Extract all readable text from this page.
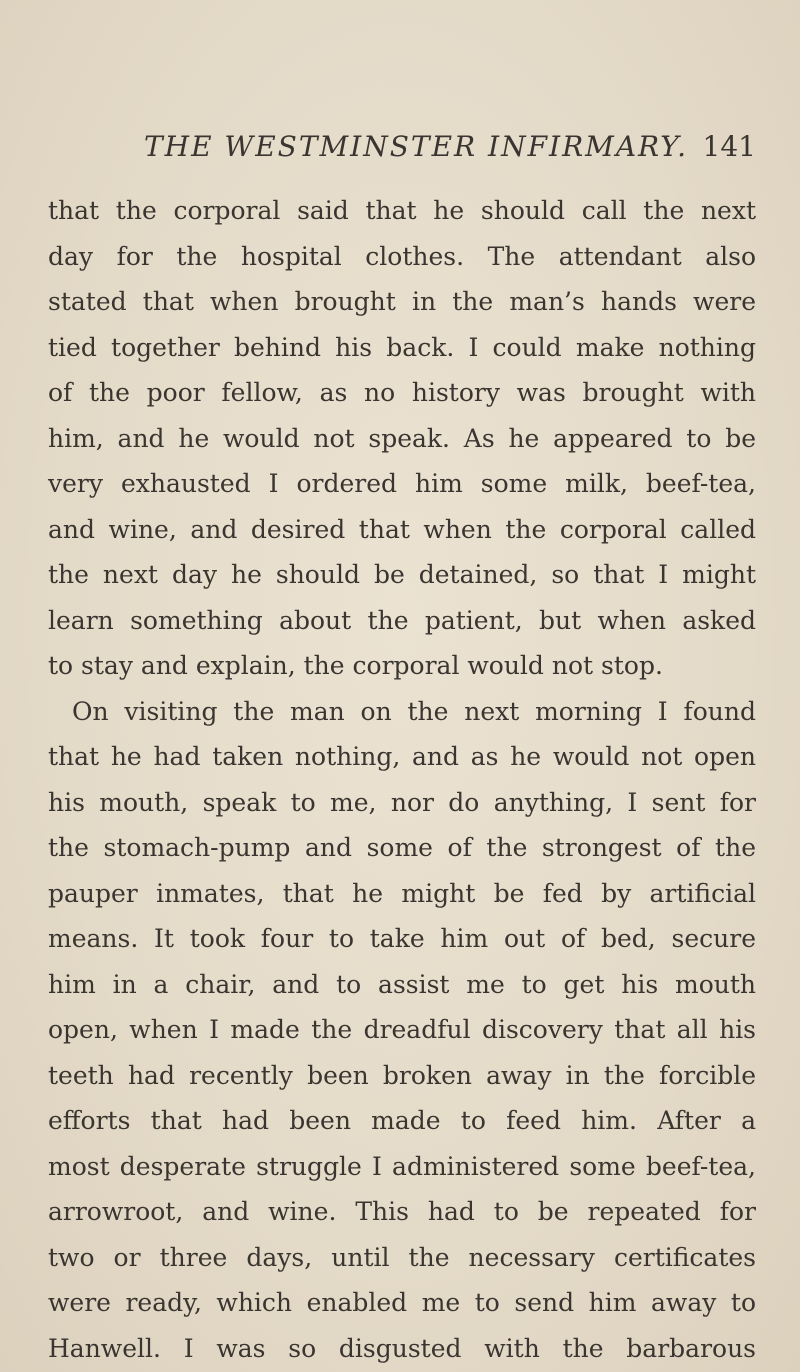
THE WESTMINSTER INFIRMARY. 141
that the corporal said that he should call the next
day for the hospital clothes. The attendant also
stated that when brought in the man’s hands were
tied together behind his back. I could make nothing
of the poor fellow, as no history was brought with
him, and he would not speak. As he appeared to be
very exhausted I ordered him some milk, beef-tea,
and wine, and desired that when the corporal called
the next day he should be detained, so that I might
learn something about the patient, but when asked
to stay and explain, the corporal would not stop.
On visiting the man on the next morning I found
that he had taken nothing, and as he would not open
his mouth, speak to me, nor do anything, I sent for
the stomach-pump and some of the strongest of the
pauper inmates, that he might be fed by artificial
means. It took four to take him out of bed, secure
him in a chair, and to assist me to get his mouth
open, when I made the dreadful discovery that all his
teeth had recently been broken away in the forcible
efforts that had been made to feed him. After a
most desperate struggle I administered some beef-tea,
arrowroot, and wine. This had to be repeated for
two or three days, until the necessary certificates
were ready, which enabled me to send him away to
Hanwell. I was so disgusted with the barbarous
